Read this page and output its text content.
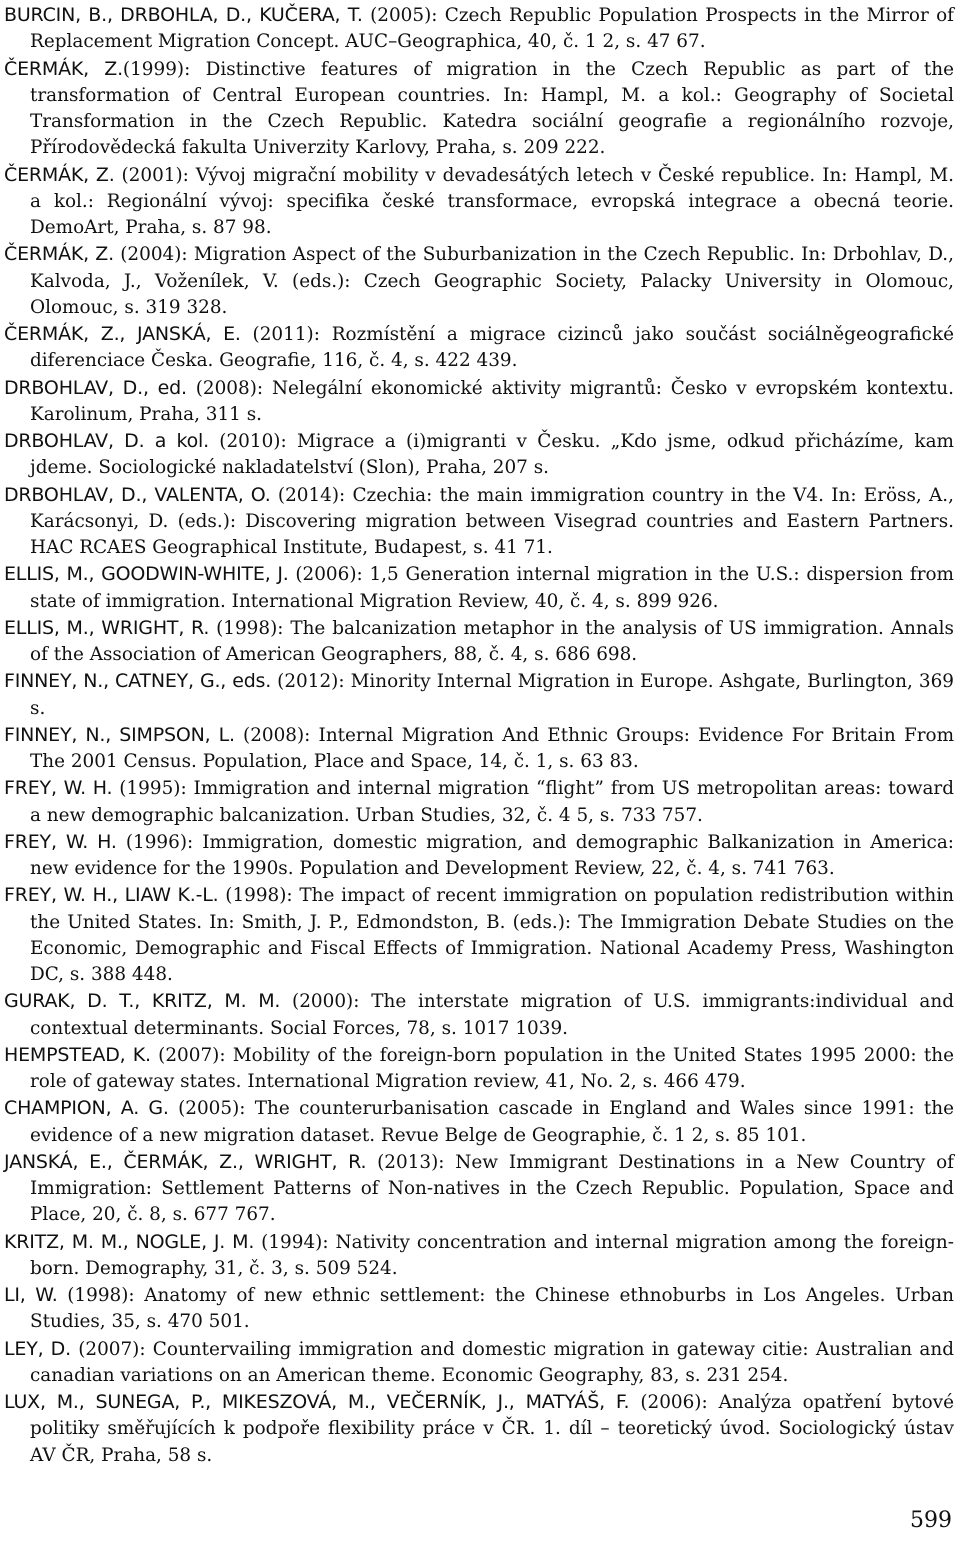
BURCIN, B., DRBOHLA, D., KUČERA, T. (2005): Czech Republic Population Prospects in the Mirror of Replacement Migration Concept. AUC–Geographica, 40, č. 1 2, s. 47 67.
ČERMÁK, Z.(1999): Distinctive features of migration in the Czech Republic as part of the transformation of Central European countries. In: Hampl, M. a kol.: Geography of Societal Transformation in the Czech Republic. Katedra sociální geografie a regionálního rozvoje, Přírodovědecká fakulta Univerzity Karlovy, Praha, s. 209 222.
ČERMÁK, Z. (2001): Vývoj migrační mobility v devadesátých letech v České republice. In: Hampl, M. a kol.: Regionální vývoj: specifika české transformace, evropská integrace a obecná teorie. DemoArt, Praha, s. 87 98.
ČERMÁK, Z. (2004): Migration Aspect of the Suburbanization in the Czech Republic. In: Drbohlav, D., Kalvoda, J., Voženílek, V. (eds.): Czech Geographic Society, Palacky University in Olomouc, Olomouc, s. 319 328.
ČERMÁK, Z., JANSKÁ, E. (2011): Rozmístění a migrace cizinců jako součást sociálněgeografické diferenciace Česka. Geografie, 116, č. 4, s. 422 439.
DRBOHLAV, D., ed. (2008): Nelegální ekonomické aktivity migrantů: Česko v evropském kontextu. Karolinum, Praha, 311 s.
DRBOHLAV, D. a kol. (2010): Migrace a (i)migranti v Česku. „Kdo jsme, odkud přicházíme, kam jdeme. Sociologické nakladatelství (Slon), Praha, 207 s.
DRBOHLAV, D., VALENTA, O. (2014): Czechia: the main immigration country in the V4. In: Eröss, A., Karácsonyi, D. (eds.): Discovering migration between Visegrad countries and Eastern Partners. HAC RCAES Geographical Institute, Budapest, s. 41 71.
ELLIS, M., GOODWIN-WHITE, J. (2006): 1,5 Generation internal migration in the U.S.: dispersion from state of immigration. International Migration Review, 40, č. 4, s. 899 926.
ELLIS, M., WRIGHT, R. (1998): The balcanization metaphor in the analysis of US immigration. Annals of the Association of American Geographers, 88, č. 4, s. 686 698.
FINNEY, N., CATNEY, G., eds. (2012): Minority Internal Migration in Europe. Ashgate, Burlington, 369 s.
FINNEY, N., SIMPSON, L. (2008): Internal Migration And Ethnic Groups: Evidence For Britain From The 2001 Census. Population, Place and Space, 14, č. 1, s. 63 83.
FREY, W. H. (1995): Immigration and internal migration “flight” from US metropolitan areas: toward a new demographic balcanization. Urban Studies, 32, č. 4 5, s. 733 757.
FREY, W. H. (1996): Immigration, domestic migration, and demographic Balkanization in America: new evidence for the 1990s. Population and Development Review, 22, č. 4, s. 741 763.
FREY, W. H., LIAW K.-L. (1998): The impact of recent immigration on population redistribution within the United States. In: Smith, J. P., Edmondston, B. (eds.): The Immigration Debate Studies on the Economic, Demographic and Fiscal Effects of Immigration. National Academy Press, Washington DC, s. 388 448.
GURAK, D. T., KRITZ, M. M. (2000): The interstate migration of U.S. immigrants:individual and contextual determinants. Social Forces, 78, s. 1017 1039.
HEMPSTEAD, K. (2007): Mobility of the foreign-born population in the United States 1995 2000: the role of gateway states. International Migration review, 41, No. 2, s. 466 479.
CHAMPION, A. G. (2005): The counterurbanisation cascade in England and Wales since 1991: the evidence of a new migration dataset. Revue Belge de Geographie, č. 1 2, s. 85 101.
JANSKÁ, E., ČERMÁK, Z., WRIGHT, R. (2013): New Immigrant Destinations in a New Country of Immigration: Settlement Patterns of Non-natives in the Czech Republic. Population, Space and Place, 20, č. 8, s. 677 767.
KRITZ, M. M., NOGLE, J. M. (1994): Nativity concentration and internal migration among the foreign-born. Demography, 31, č. 3, s. 509 524.
LI, W. (1998): Anatomy of new ethnic settlement: the Chinese ethnoburbs in Los Angeles. Urban Studies, 35, s. 470 501.
LEY, D. (2007): Countervailing immigration and domestic migration in gateway citie: Australian and canadian variations on an American theme. Economic Geography, 83, s. 231 254.
LUX, M., SUNEGA, P., MIKESZOVÁ, M., VEČERNÍK, J., MATYÁŠ, F. (2006): Analýza opatření bytové politiky směřujících k podpoře flexibility práce v ČR. 1. díl – teoretický úvod. Sociologický ústav AV ČR, Praha, 58 s.
599
